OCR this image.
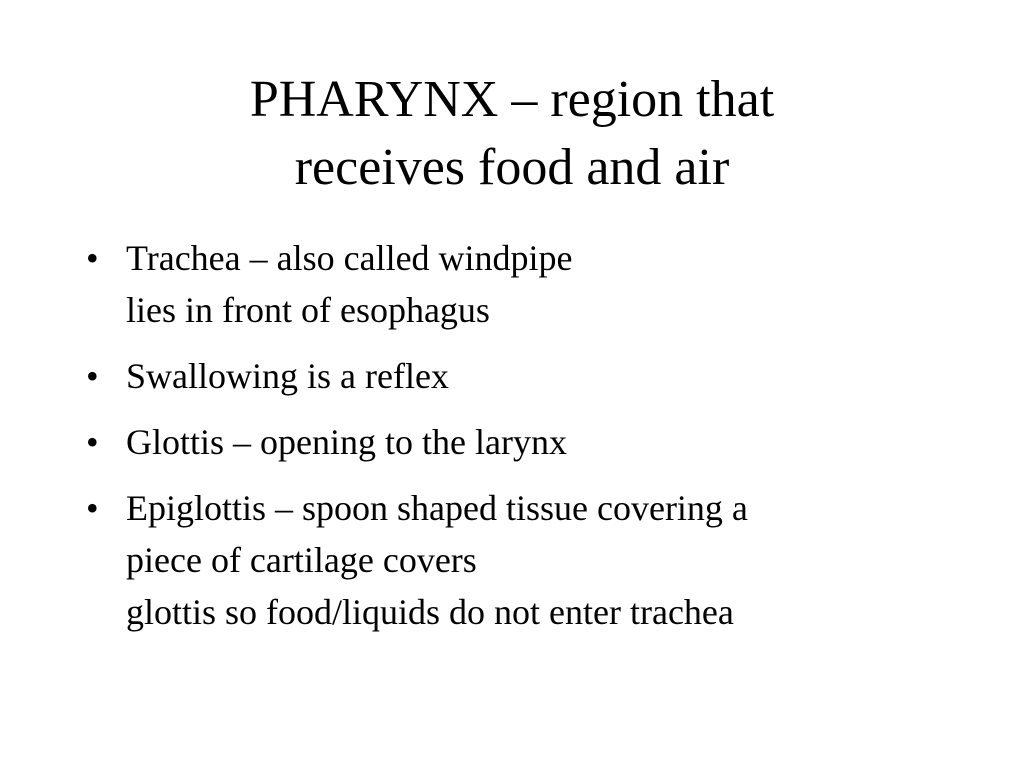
PHARYNX – region that
receives food and air
• Trachea – also called windpipe
lies in front of esophagus
• Swallowing is a reflex
• Glottis – opening to the larynx
• Epiglottis – spoon shaped tissue covering a
piece of cartilage covers
glottis so food/liquids do not enter trachea
